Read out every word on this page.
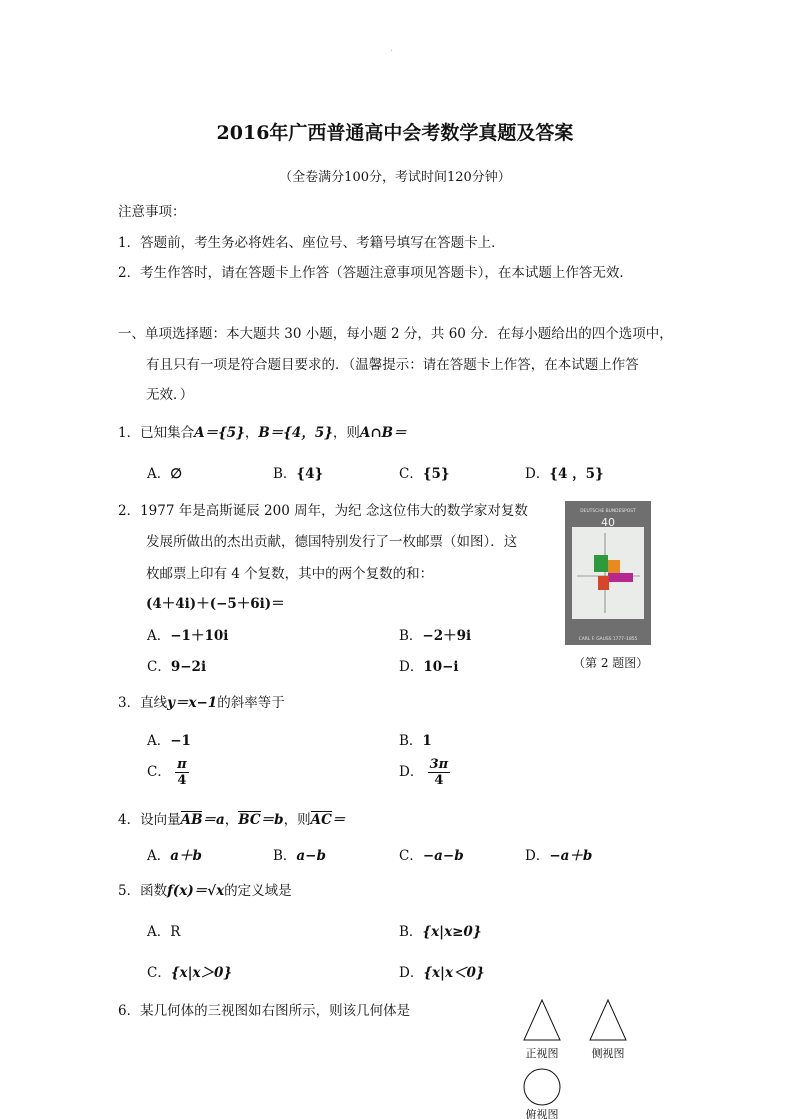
·
2016年广西普通高中会考数学真题及答案
（全卷满分100分，考试时间120分钟）
注意事项：
1．答题前，考生务必将姓名、座位号、考籍号填写在答题卡上．
2．考生作答时，请在答题卡上作答（答题注意事项见答题卡），在本试题上作答无效．
一、单项选择题：本大题共 30 小题，每小题 2 分，共 60 分．在每小题给出的四个选项中，
有且只有一项是符合题目要求的．（温馨提示：请在答题卡上作答，在本试题上作答
无效．）
1．已知集合A＝{5}，B＝{4，5}，则A∩B＝
A．∅	B．{4}	C．{5}	D．{4 ，5}
2．1977 年是高斯诞辰 200 周年，为纪 念这位伟大的数学家对复数
发展所做出的杰出贡献，德国特别发行了一枚邮票（如图）．这
枚邮票上印有 4 个复数，其中的两个复数的和：
(4＋4i)＋(−5＋6i)＝
A．−1＋10i	B．−2＋9i
C．9−2i	D．10−i
DEUTSCHE BUNDESPOST
40
CARL F. GAUSS 1777–1855
（第 2 题图）
3．直线y＝x−1的斜率等于
A．−1	B．1
C． $\frac{\pi}{4}$	D． $\frac{3\pi}{4}$
4．设向量AB＝a，BC＝b，则AC＝
A．a＋b	B．a−b	C．−a−b	D．−a＋b
5．函数f(x)＝√x的定义域是
A．R	B．{x|x≥0}
C．{x|x＞0}	D．{x|x＜0}
6．某几何体的三视图如右图所示，则该几何体是
正视图	侧视图
俯视图
